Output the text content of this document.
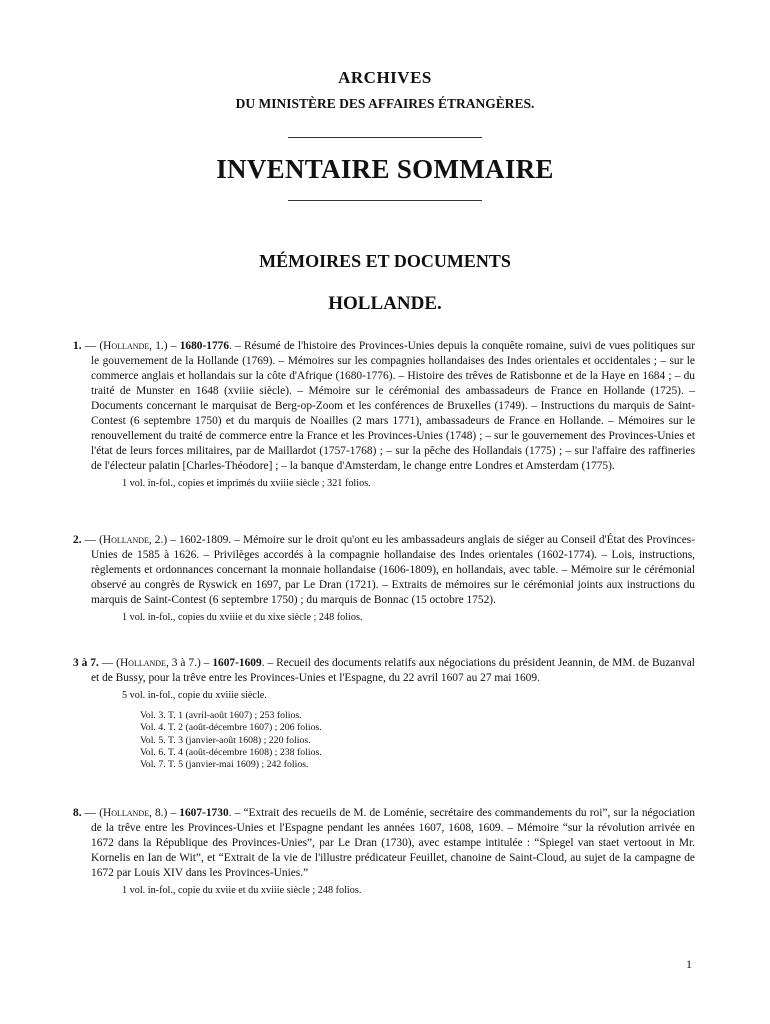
ARCHIVES
DU MINISTÈRE DES AFFAIRES ÉTRANGÈRES.
INVENTAIRE SOMMAIRE
MÉMOIRES ET DOCUMENTS
HOLLANDE.
1. — (Hollande, 1.) – 1680-1776. – Résumé de l'histoire des Provinces-Unies depuis la conquête romaine, suivi de vues politiques sur le gouvernement de la Hollande (1769). – Mémoires sur les compagnies hollandaises des Indes orientales et occidentales ; – sur le commerce anglais et hollandais sur la côte d'Afrique (1680-1776). – Histoire des trêves de Ratisbonne et de la Haye en 1684 ; – du traité de Munster en 1648 (xviiie siècle). – Mémoire sur le cérémonial des ambassadeurs de France en Hollande (1725). – Documents concernant le marquisat de Berg-op-Zoom et les conférences de Bruxelles (1749). – Instructions du marquis de Saint-Contest (6 septembre 1750) et du marquis de Noailles (2 mars 1771), ambassadeurs de France en Hollande. – Mémoires sur le renouvellement du traité de commerce entre la France et les Provinces-Unies (1748) ; – sur le gouvernement des Provinces-Unies et l'état de leurs forces militaires, par de Maillardot (1757-1768) ; – sur la pêche des Hollandais (1775) ; – sur l'affaire des raffineries de l'électeur palatin [Charles-Théodore] ; – la banque d'Amsterdam, le change entre Londres et Amsterdam (1775).
1 vol. in-fol., copies et imprimés du xviiie siècle ; 321 folios.
2. — (Hollande, 2.) – 1602-1809. – Mémoire sur le droit qu'ont eu les ambassadeurs anglais de siéger au Conseil d'État des Provinces-Unies de 1585 à 1626. – Privilèges accordés à la compagnie hollandaise des Indes orientales (1602-1774). – Lois, instructions, règlements et ordonnances concernant la monnaie hollandaise (1606-1809), en hollandais, avec table. – Mémoire sur le cérémonial observé au congrès de Ryswick en 1697, par Le Dran (1721). – Extraits de mémoires sur le cérémonial joints aux instructions du marquis de Saint-Contest (6 septembre 1750) ; du marquis de Bonnac (15 octobre 1752).
1 vol. in-fol., copies du xviiie et du xixe siècle ; 248 folios.
3 à 7. — (Hollande, 3 à 7.) – 1607-1609. – Recueil des documents relatifs aux négociations du président Jeannin, de MM. de Buzanval et de Bussy, pour la trêve entre les Provinces-Unies et l'Espagne, du 22 avril 1607 au 27 mai 1609.
5 vol. in-fol., copie du xviiie siècle.
Vol. 3. T. 1 (avril-août 1607) ; 253 folios.
Vol. 4. T. 2 (août-décembre 1607) ; 206 folios.
Vol. 5. T. 3 (janvier-août 1608) ; 220 folios.
Vol. 6. T. 4 (août-décembre 1608) ; 238 folios.
Vol. 7. T. 5 (janvier-mai 1609) ; 242 folios.
8. — (Hollande, 8.) – 1607-1730. – “Extrait des recueils de M. de Loménie, secrétaire des commandements du roi”, sur la négociation de la trêve entre les Provinces-Unies et l'Espagne pendant les années 1607, 1608, 1609. – Mémoire “sur la révolution arrivée en 1672 dans la République des Provinces-Unies”, par Le Dran (1730), avec estampe intitulée : “Spiegel van staet vertoout in Mr. Kornelis en Ian de Wit”, et “Extrait de la vie de l'illustre prédicateur Feuillet, chanoine de Saint-Cloud, au sujet de la campagne de 1672 par Louis XIV dans les Provinces-Unies.”
1 vol. in-fol., copie du xviie et du xviiie siècle ; 248 folios.
1
